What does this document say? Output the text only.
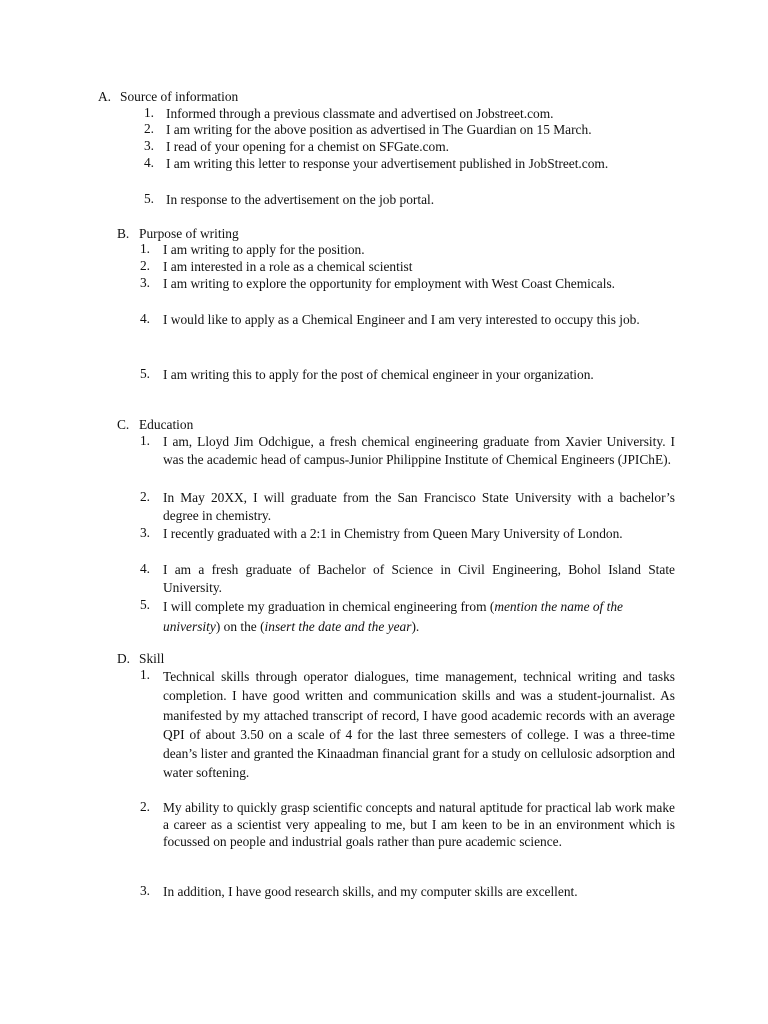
A. Source of information
1. Informed through a previous classmate and advertised on Jobstreet.com.
2. I am writing for the above position as advertised in The Guardian on 15 March.
3. I read of your opening for a chemist on SFGate.com.
4. I am writing this letter to response your advertisement published in JobStreet.com.
5. In response to the advertisement on the job portal.
B. Purpose of writing
1. I am writing to apply for the position.
2. I am interested in a role as a chemical scientist
3. I am writing to explore the opportunity for employment with West Coast Chemicals.
4. I would like to apply as a Chemical Engineer and I am very interested to occupy this job.
5. I am writing this to apply for the post of chemical engineer in your organization.
C. Education
1. I am, Lloyd Jim Odchigue, a fresh chemical engineering graduate from Xavier University. I was the academic head of campus-Junior Philippine Institute of Chemical Engineers (JPIChE).
2. In May 20XX, I will graduate from the San Francisco State University with a bachelor’s degree in chemistry.
3. I recently graduated with a 2:1 in Chemistry from Queen Mary University of London.
4. I am a fresh graduate of Bachelor of Science in Civil Engineering, Bohol Island State University.
5. I will complete my graduation in chemical engineering from (mention the name of the university) on the (insert the date and the year).
D. Skill
1. Technical skills through operator dialogues, time management, technical writing and tasks completion. I have good written and communication skills and was a student-journalist. As manifested by my attached transcript of record, I have good academic records with an average QPI of about 3.50 on a scale of 4 for the last three semesters of college. I was a three-time dean’s lister and granted the Kinaadman financial grant for a study on cellulosic adsorption and water softening.
2. My ability to quickly grasp scientific concepts and natural aptitude for practical lab work make a career as a scientist very appealing to me, but I am keen to be in an environment which is focussed on people and industrial goals rather than pure academic science.
3. In addition, I have good research skills, and my computer skills are excellent.
